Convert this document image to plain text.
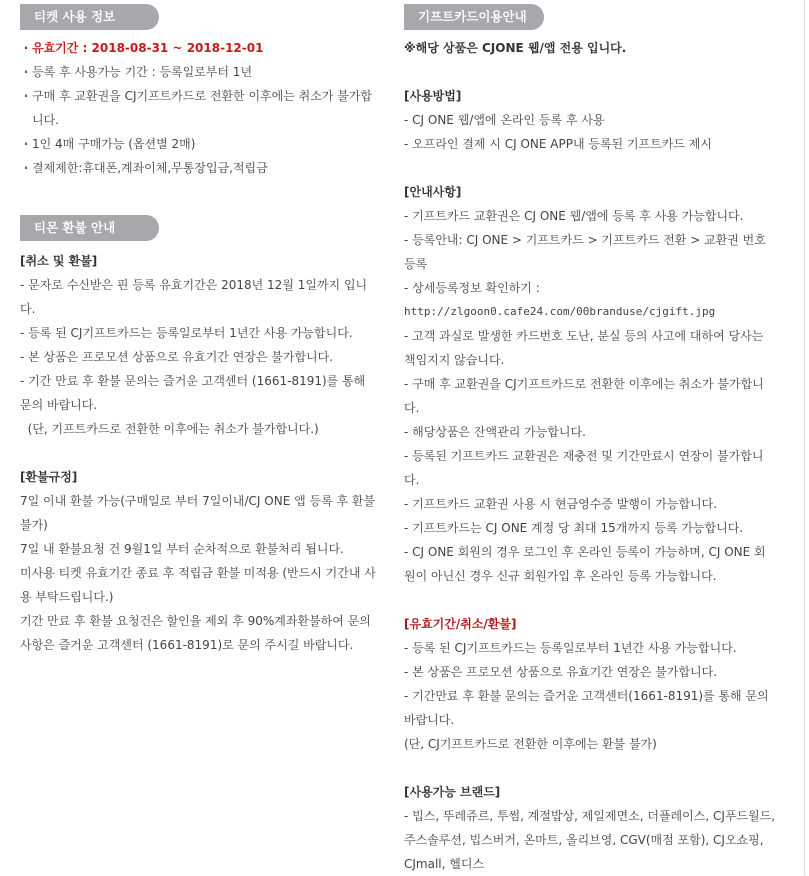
티켓 사용 정보
· 유효기간 : 2018-08-31 ~ 2018-12-01
· 등록 후 사용가능 기간 : 등록일로부터 1년
· 구매 후 교환권을 CJ기프트카드로 전환한 이후에는 취소가 불가합니다.
· 1인 4매 구매가능 (옵션별 2매)
· 결제제한:휴대폰,계좌이체,무통장입금,적립금
티몬 환불 안내
[취소 및 환불]
- 문자로 수신받은 핀 등록 유효기간은 2018년 12월 1일까지 입니다.
- 등록 된 CJ기프트카드는 등록일로부터 1년간 사용 가능합니다.
- 본 상품은 프로모션 상품으로 유효기간 연장은 불가합니다.
- 기간 만료 후 환불 문의는 즐거운 고객센터 (1661-8191)를 통해 문의 바랍니다.
(단, 기프트카드로 전환한 이후에는 취소가 불가합니다.)
[환불규정]
7일 이내 환불 가능(구매일로 부터 7일이내/CJ ONE 앱 등록 후 환불 불가)
7일 내 환불요청 건 9월1일 부터 순차적으로 환불처리 됩니다.
미사용 티켓 유효기간 종료 후 적립금 환불 미적용 (반드시 기간내 사용 부탁드립니다.)
기간 만료 후 환불 요청건은 할인율 제외 후 90%계좌환불하여 문의사항은 즐거운 고객센터 (1661-8191)로 문의 주시길 바랍니다.
기프트카드이용안내
※해당 상품은 CJONE 웹/앱 전용 입니다.
[사용방법]
- CJ ONE 웹/앱에 온라인 등록 후 사용
- 오프라인 결제 시 CJ ONE APP내 등록된 기프트카드 제시
[안내사항]
- 기프트카드 교환권은 CJ ONE 웹/앱에 등록 후 사용 가능합니다.
- 등록안내: CJ ONE > 기프트카드 > 기프트카드 전환 > 교환권 번호 등록
- 상세등록정보 확인하기 :
http://zlgoon0.cafe24.com/00branduse/cjgift.jpg
- 고객 과실로 발생한 카드번호 도난, 분실 등의 사고에 대하여 당사는 책임지지 않습니다.
- 구매 후 교환권을 CJ기프트카드로 전환한 이후에는 취소가 불가합니다.
- 해당상품은 잔액관리 가능합니다.
- 등록된 기프트카드 교환권은 재충전 및 기간만료시 연장이 불가합니다.
- 기프트카드 교환권 사용 시 현금영수증 발행이 가능합니다.
- 기프트카드는 CJ ONE 계정 당 최대 15개까지 등록 가능합니다.
- CJ ONE 회원의 경우 로그인 후 온라인 등록이 가능하며, CJ ONE 회원이 아닌신 경우 신규 회원가입 후 온라인 등록 가능합니다.
[유효기간/취소/환불]
- 등록 된 CJ기프트카드는 등록일로부터 1년간 사용 가능합니다.
- 본 상품은 프로모션 상품으로 유효기간 연장은 불가합니다.
- 기간만료 후 환불 문의는 즐거운 고객센터(1661-8191)를 통해 문의 바랍니다.
(단, CJ기프트카드로 전환한 이후에는 환불 불가)
[사용가능 브랜드]
- 빕스, 뚜레쥬르, 투썸, 계절밥상, 제일제면소, 더플레이스, CJ푸드월드, 주스솔루션, 빕스버거, 온마트, 올리브영, CGV(매점 포함), CJ오쇼핑, CJmall, 헬디스
